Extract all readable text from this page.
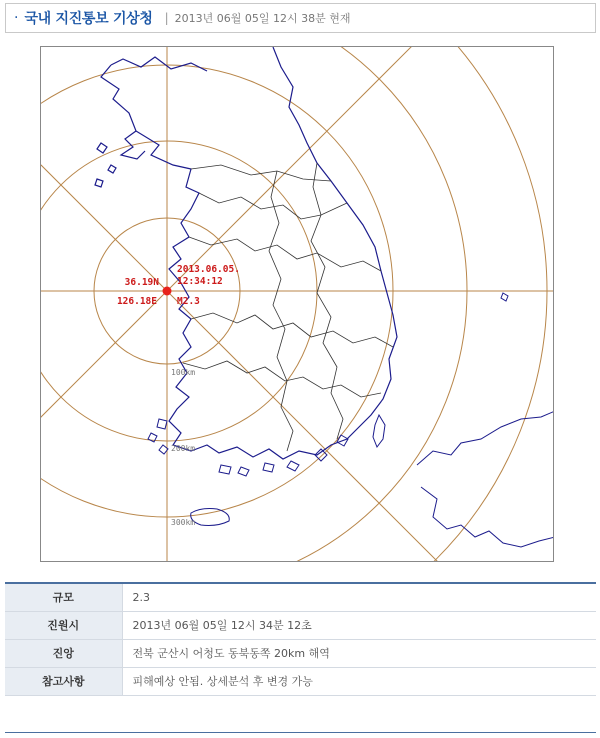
· 국내 지진통보 기상청 | 2013년 06월 05일 12시 38분 현재
100km
200km
300km
36.19N
126.18E
2013.06.05.
12:34:12
M2.3
규모	2.3
진원시	2013년 06월 05일 12시 34분 12초
진앙	전북 군산시 어청도 동북동쪽 20km 해역
참고사항	피해예상 안됨. 상세분석 후 변경 가능
